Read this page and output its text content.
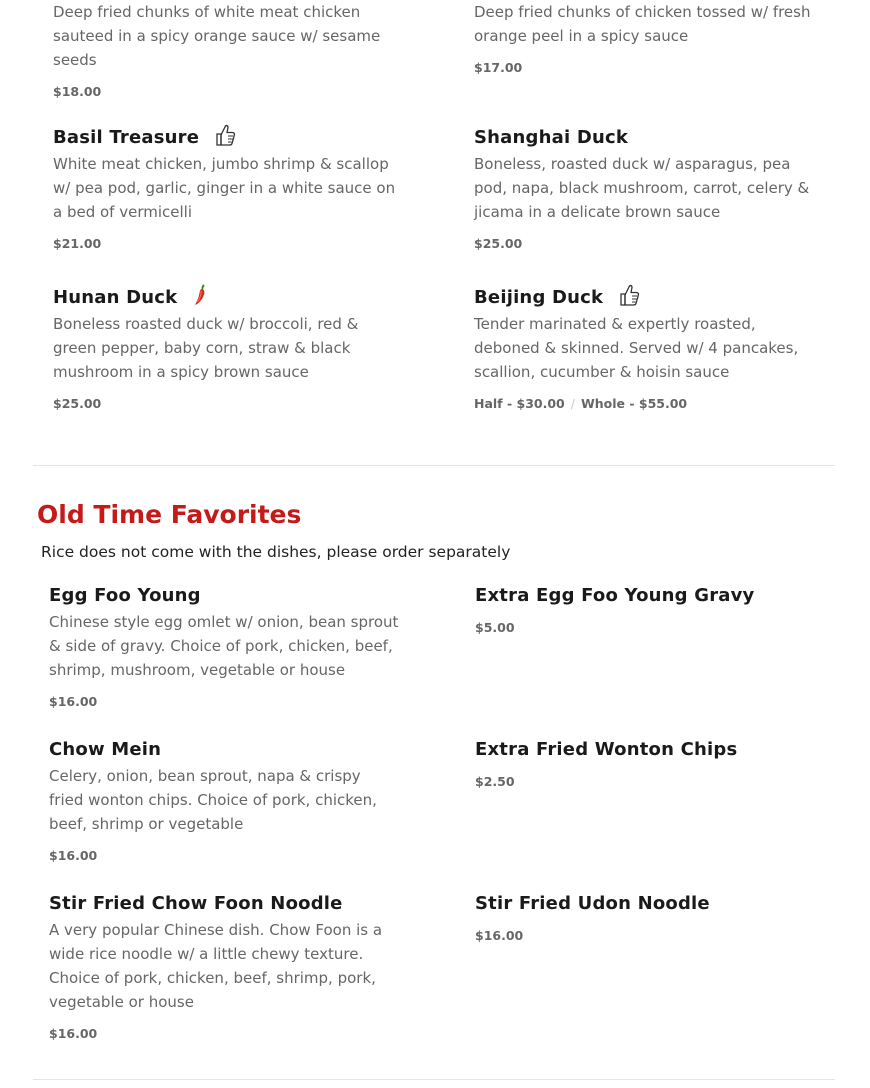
Deep fried chunks of white meat chicken sauteed in a spicy orange sauce w/ sesame seeds
$18.00
Deep fried chunks of chicken tossed w/ fresh orange peel in a spicy sauce
$17.00
Basil Treasure
White meat chicken, jumbo shrimp & scallop w/ pea pod, garlic, ginger in a white sauce on a bed of vermicelli
$21.00
Shanghai Duck
Boneless, roasted duck w/ asparagus, pea pod, napa, black mushroom, carrot, celery & jicama in a delicate brown sauce
$25.00
Hunan Duck
Boneless roasted duck w/ broccoli, red & green pepper, baby corn, straw & black mushroom in a spicy brown sauce
$25.00
Beijing Duck
Tender marinated & expertly roasted, deboned & skinned. Served w/ 4 pancakes, scallion, cucumber & hoisin sauce
Half - $30.00 / Whole - $55.00
Old Time Favorites
Rice does not come with the dishes, please order separately
Egg Foo Young
Chinese style egg omlet w/ onion, bean sprout & side of gravy. Choice of pork, chicken, beef, shrimp, mushroom, vegetable or house
$16.00
Extra Egg Foo Young Gravy
$5.00
Chow Mein
Celery, onion, bean sprout, napa & crispy fried wonton chips. Choice of pork, chicken, beef, shrimp or vegetable
$16.00
Extra Fried Wonton Chips
$2.50
Stir Fried Chow Foon Noodle
A very popular Chinese dish. Chow Foon is a wide rice noodle w/ a little chewy texture. Choice of pork, chicken, beef, shrimp, pork, vegetable or house
$16.00
Stir Fried Udon Noodle
$16.00
